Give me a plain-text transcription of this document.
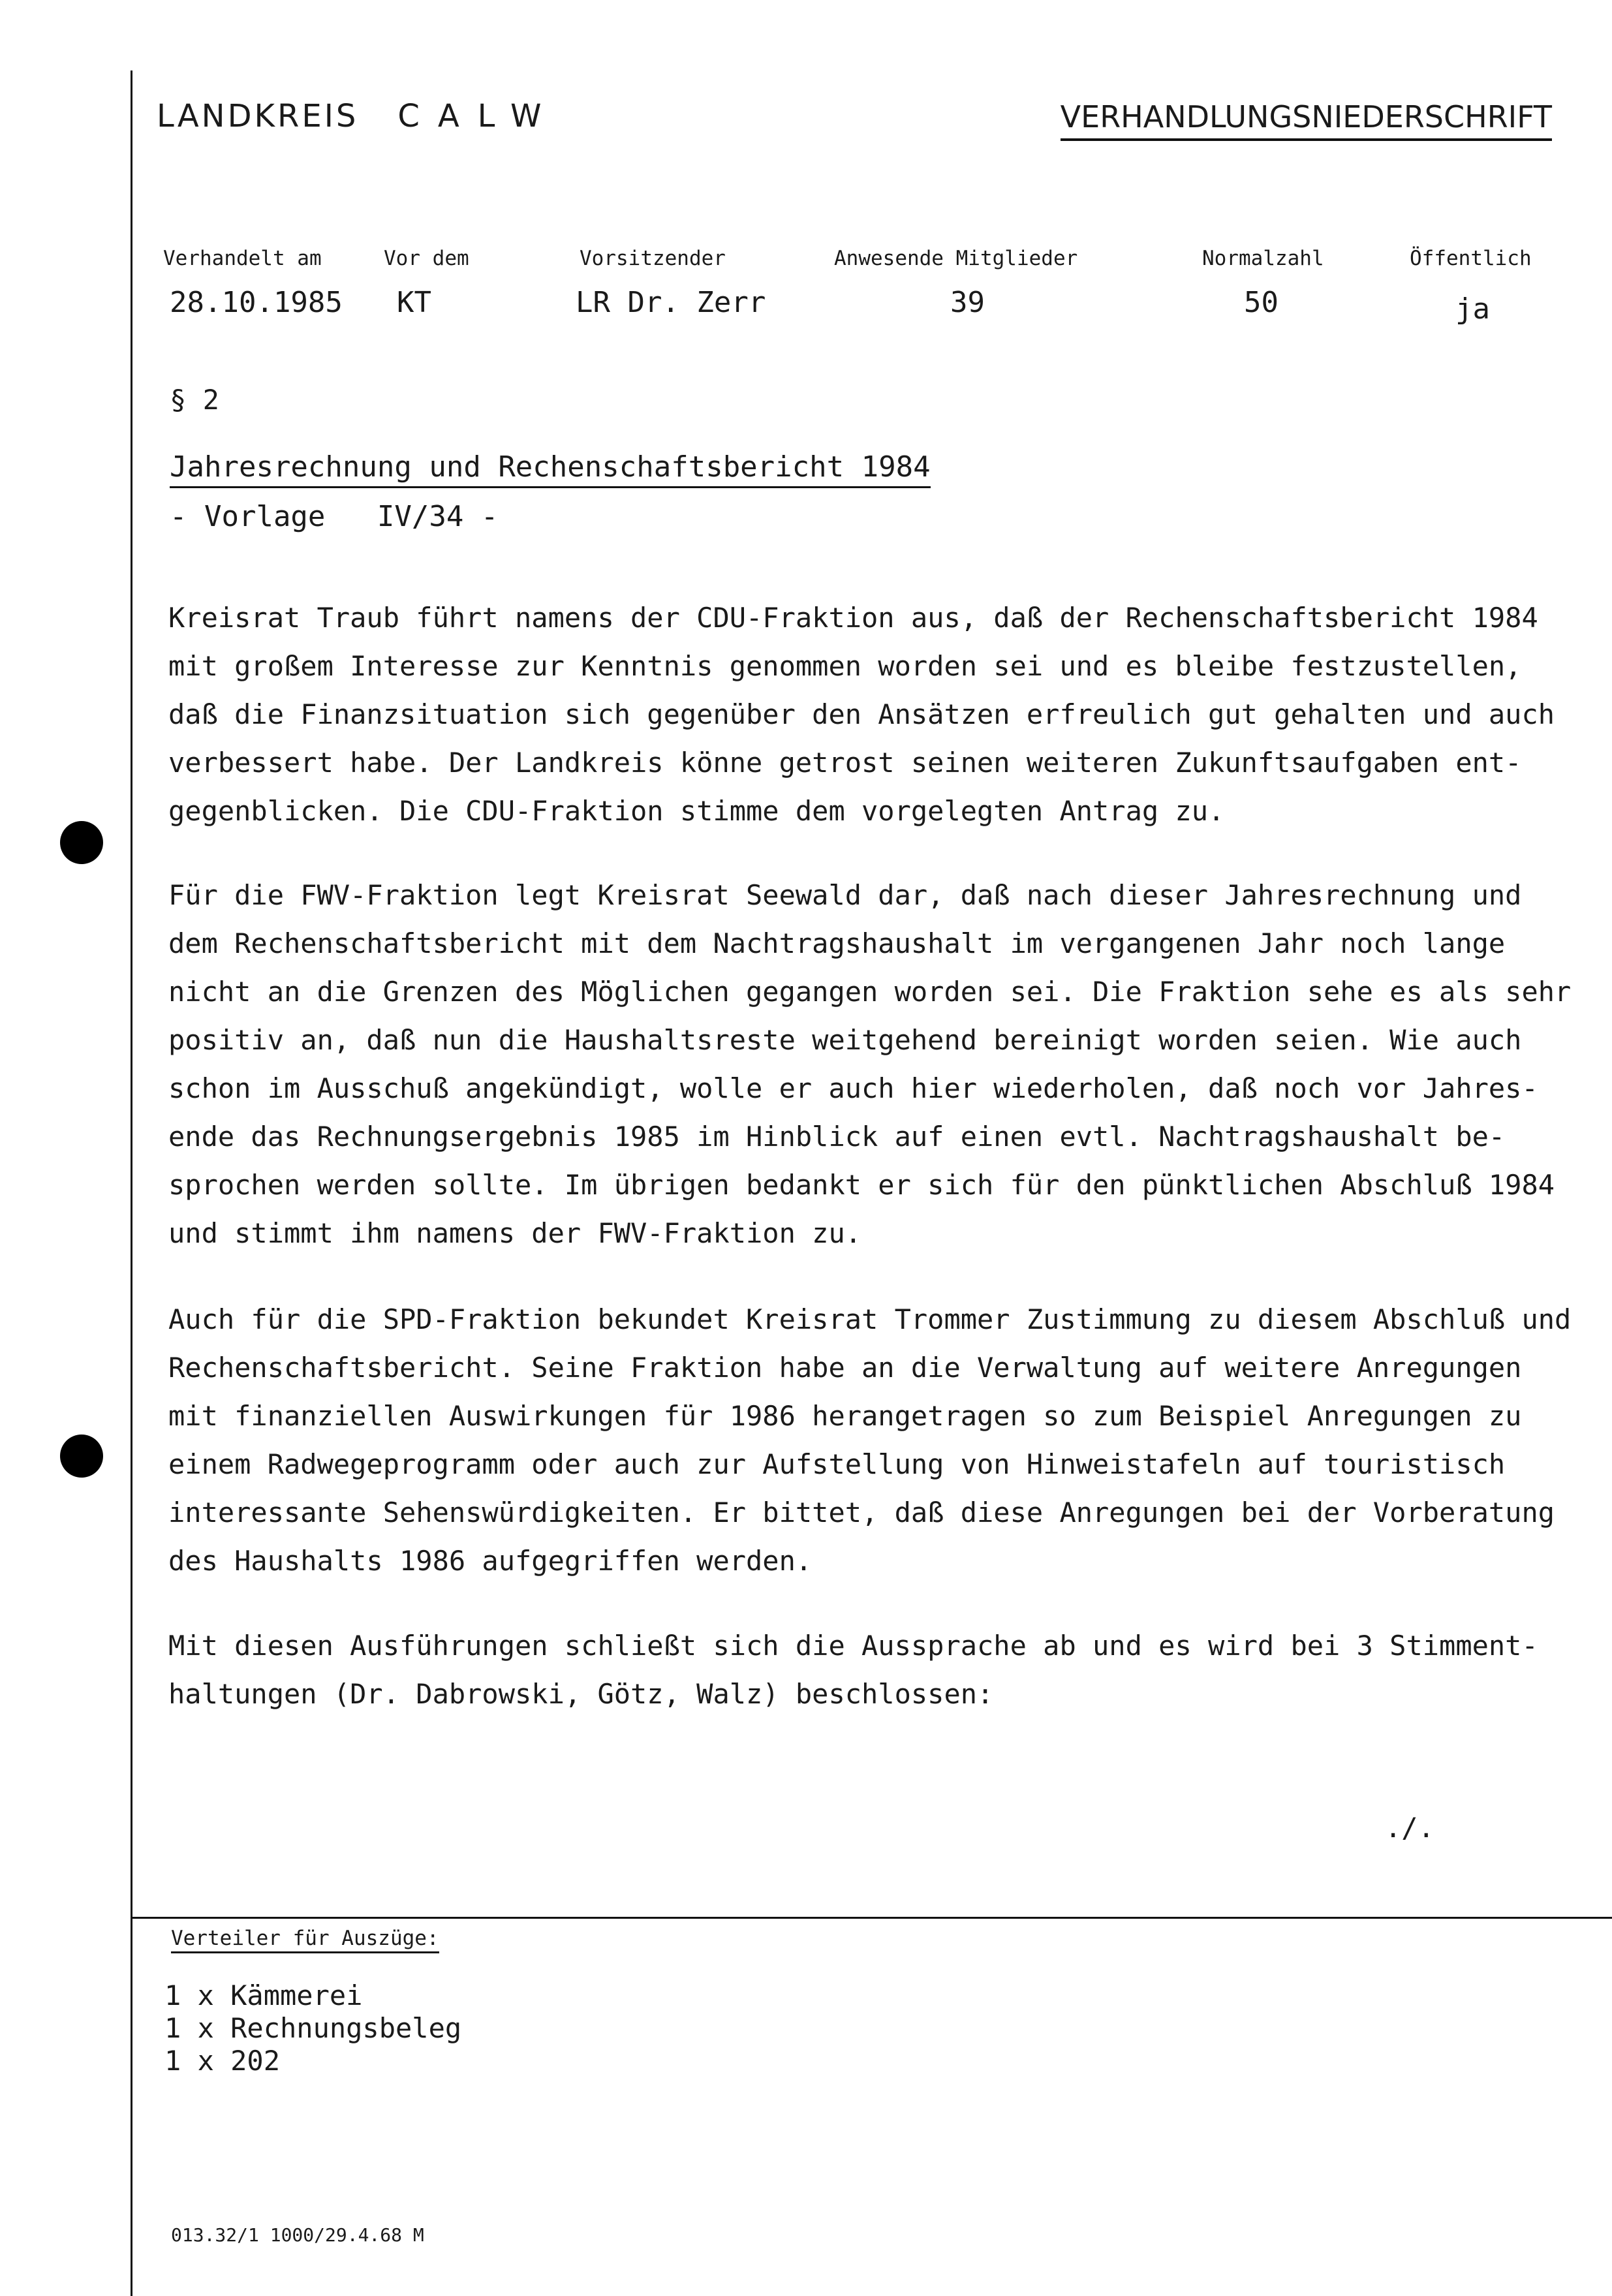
LANDKREIS CALW	VERHANDLUNGSNIEDERSCHRIFT
Verhandelt am	Vor dem	Vorsitzender	Anwesende Mitglieder	Normalzahl	Öffentlich
28.10.1985 KT	LR Dr. Zerr	39	50	ja
§ 2
Jahresrechnung und Rechenschaftsbericht 1984
- Vorlage   IV/34 -
Kreisrat Traub führt namens der CDU-Fraktion aus, daß der Rechenschaftsbericht 1984
mit großem Interesse zur Kenntnis genommen worden sei und es bleibe festzustellen,
daß die Finanzsituation sich gegenüber den Ansätzen erfreulich gut gehalten und auch
verbessert habe. Der Landkreis könne getrost seinen weiteren Zukunftsaufgaben ent-
gegenblicken. Die CDU-Fraktion stimme dem vorgelegten Antrag zu.
Für die FWV-Fraktion legt Kreisrat Seewald dar, daß nach dieser Jahresrechnung und
dem Rechenschaftsbericht mit dem Nachtragshaushalt im vergangenen Jahr noch lange
nicht an die Grenzen des Möglichen gegangen worden sei. Die Fraktion sehe es als sehr
positiv an, daß nun die Haushaltsreste weitgehend bereinigt worden seien. Wie auch
schon im Ausschuß angekündigt, wolle er auch hier wiederholen, daß noch vor Jahres-
ende das Rechnungsergebnis 1985 im Hinblick auf einen evtl. Nachtragshaushalt be-
sprochen werden sollte. Im übrigen bedankt er sich für den pünktlichen Abschluß 1984
und stimmt ihm namens der FWV-Fraktion zu.
Auch für die SPD-Fraktion bekundet Kreisrat Trommer Zustimmung zu diesem Abschluß und
Rechenschaftsbericht. Seine Fraktion habe an die Verwaltung auf weitere Anregungen
mit finanziellen Auswirkungen für 1986 herangetragen so zum Beispiel Anregungen zu
einem Radwegeprogramm oder auch zur Aufstellung von Hinweistafeln auf touristisch
interessante Sehenswürdigkeiten. Er bittet, daß diese Anregungen bei der Vorberatung
des Haushalts 1986 aufgegriffen werden.
Mit diesen Ausführungen schließt sich die Aussprache ab und es wird bei 3 Stimment-
haltungen (Dr. Dabrowski, Götz, Walz) beschlossen:
./.
Verteiler für Auszüge:
1 x Kämmerei
1 x Rechnungsbeleg
1 x 202
013.32/1 1000/29.4.68 M
